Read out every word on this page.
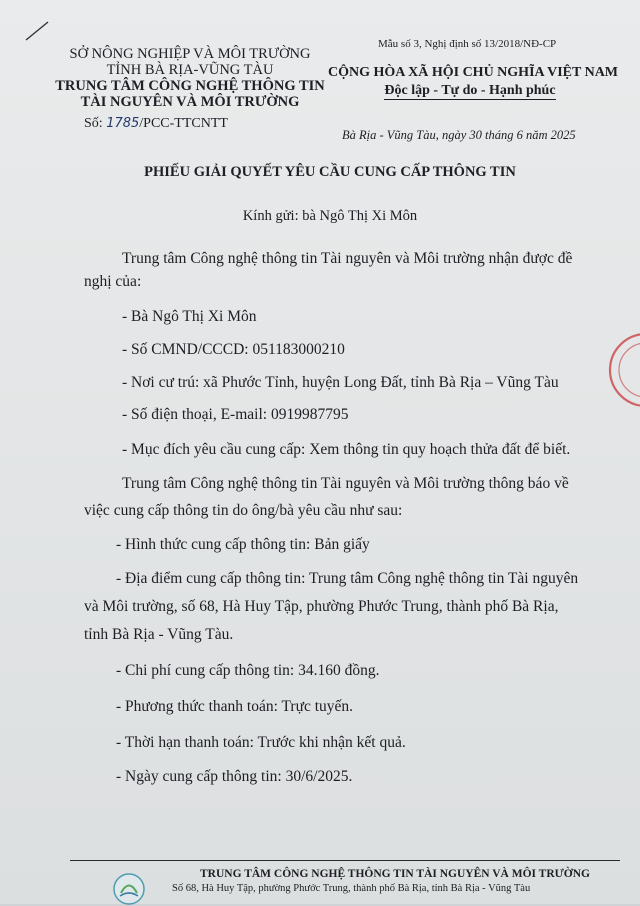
SỞ NÔNG NGHIỆP VÀ MÔI TRƯỜNG
TỈNH BÀ RỊA-VŨNG TÀU
TRUNG TÂM CÔNG NGHỆ THÔNG TIN
TÀI NGUYÊN VÀ MÔI TRƯỜNG
Mẫu số 3, Nghị định số 13/2018/NĐ-CP
CỘNG HÒA XÃ HỘI CHỦ NGHĨA VIỆT NAM
Độc lập - Tự do - Hạnh phúc
Số: 1785/PCC-TTCNTT
Bà Rịa - Vũng Tàu, ngày 30 tháng 6 năm 2025
PHIẾU GIẢI QUYẾT YÊU CẦU CUNG CẤP THÔNG TIN
Kính gửi: bà Ngô Thị Xi Môn
Trung tâm Công nghệ thông tin Tài nguyên và Môi trường nhận được đề
nghị của:
- Bà Ngô Thị Xi Môn
- Số CMND/CCCD: 051183000210
- Nơi cư trú: xã Phước Tỉnh, huyện Long Đất, tỉnh Bà Rịa – Vũng Tàu
- Số điện thoại, E-mail: 0919987795
- Mục đích yêu cầu cung cấp: Xem thông tin quy hoạch thửa đất để biết.
Trung tâm Công nghệ thông tin Tài nguyên và Môi trường thông báo về
việc cung cấp thông tin do ông/bà yêu cầu như sau:
- Hình thức cung cấp thông tin: Bản giấy
- Địa điểm cung cấp thông tin: Trung tâm Công nghệ thông tin Tài nguyên
và Môi trường, số 68, Hà Huy Tập, phường Phước Trung, thành phố Bà Rịa,
tỉnh Bà Rịa - Vũng Tàu.
- Chi phí cung cấp thông tin: 34.160 đồng.
- Phương thức thanh toán: Trực tuyến.
- Thời hạn thanh toán: Trước khi nhận kết quả.
- Ngày cung cấp thông tin: 30/6/2025.
TRUNG TÂM CÔNG NGHỆ THÔNG TIN TÀI NGUYÊN VÀ MÔI TRƯỜNG
Số 68, Hà Huy Tập, phường Phước Trung, thành phố Bà Rịa, tỉnh Bà Rịa - Vũng Tàu
